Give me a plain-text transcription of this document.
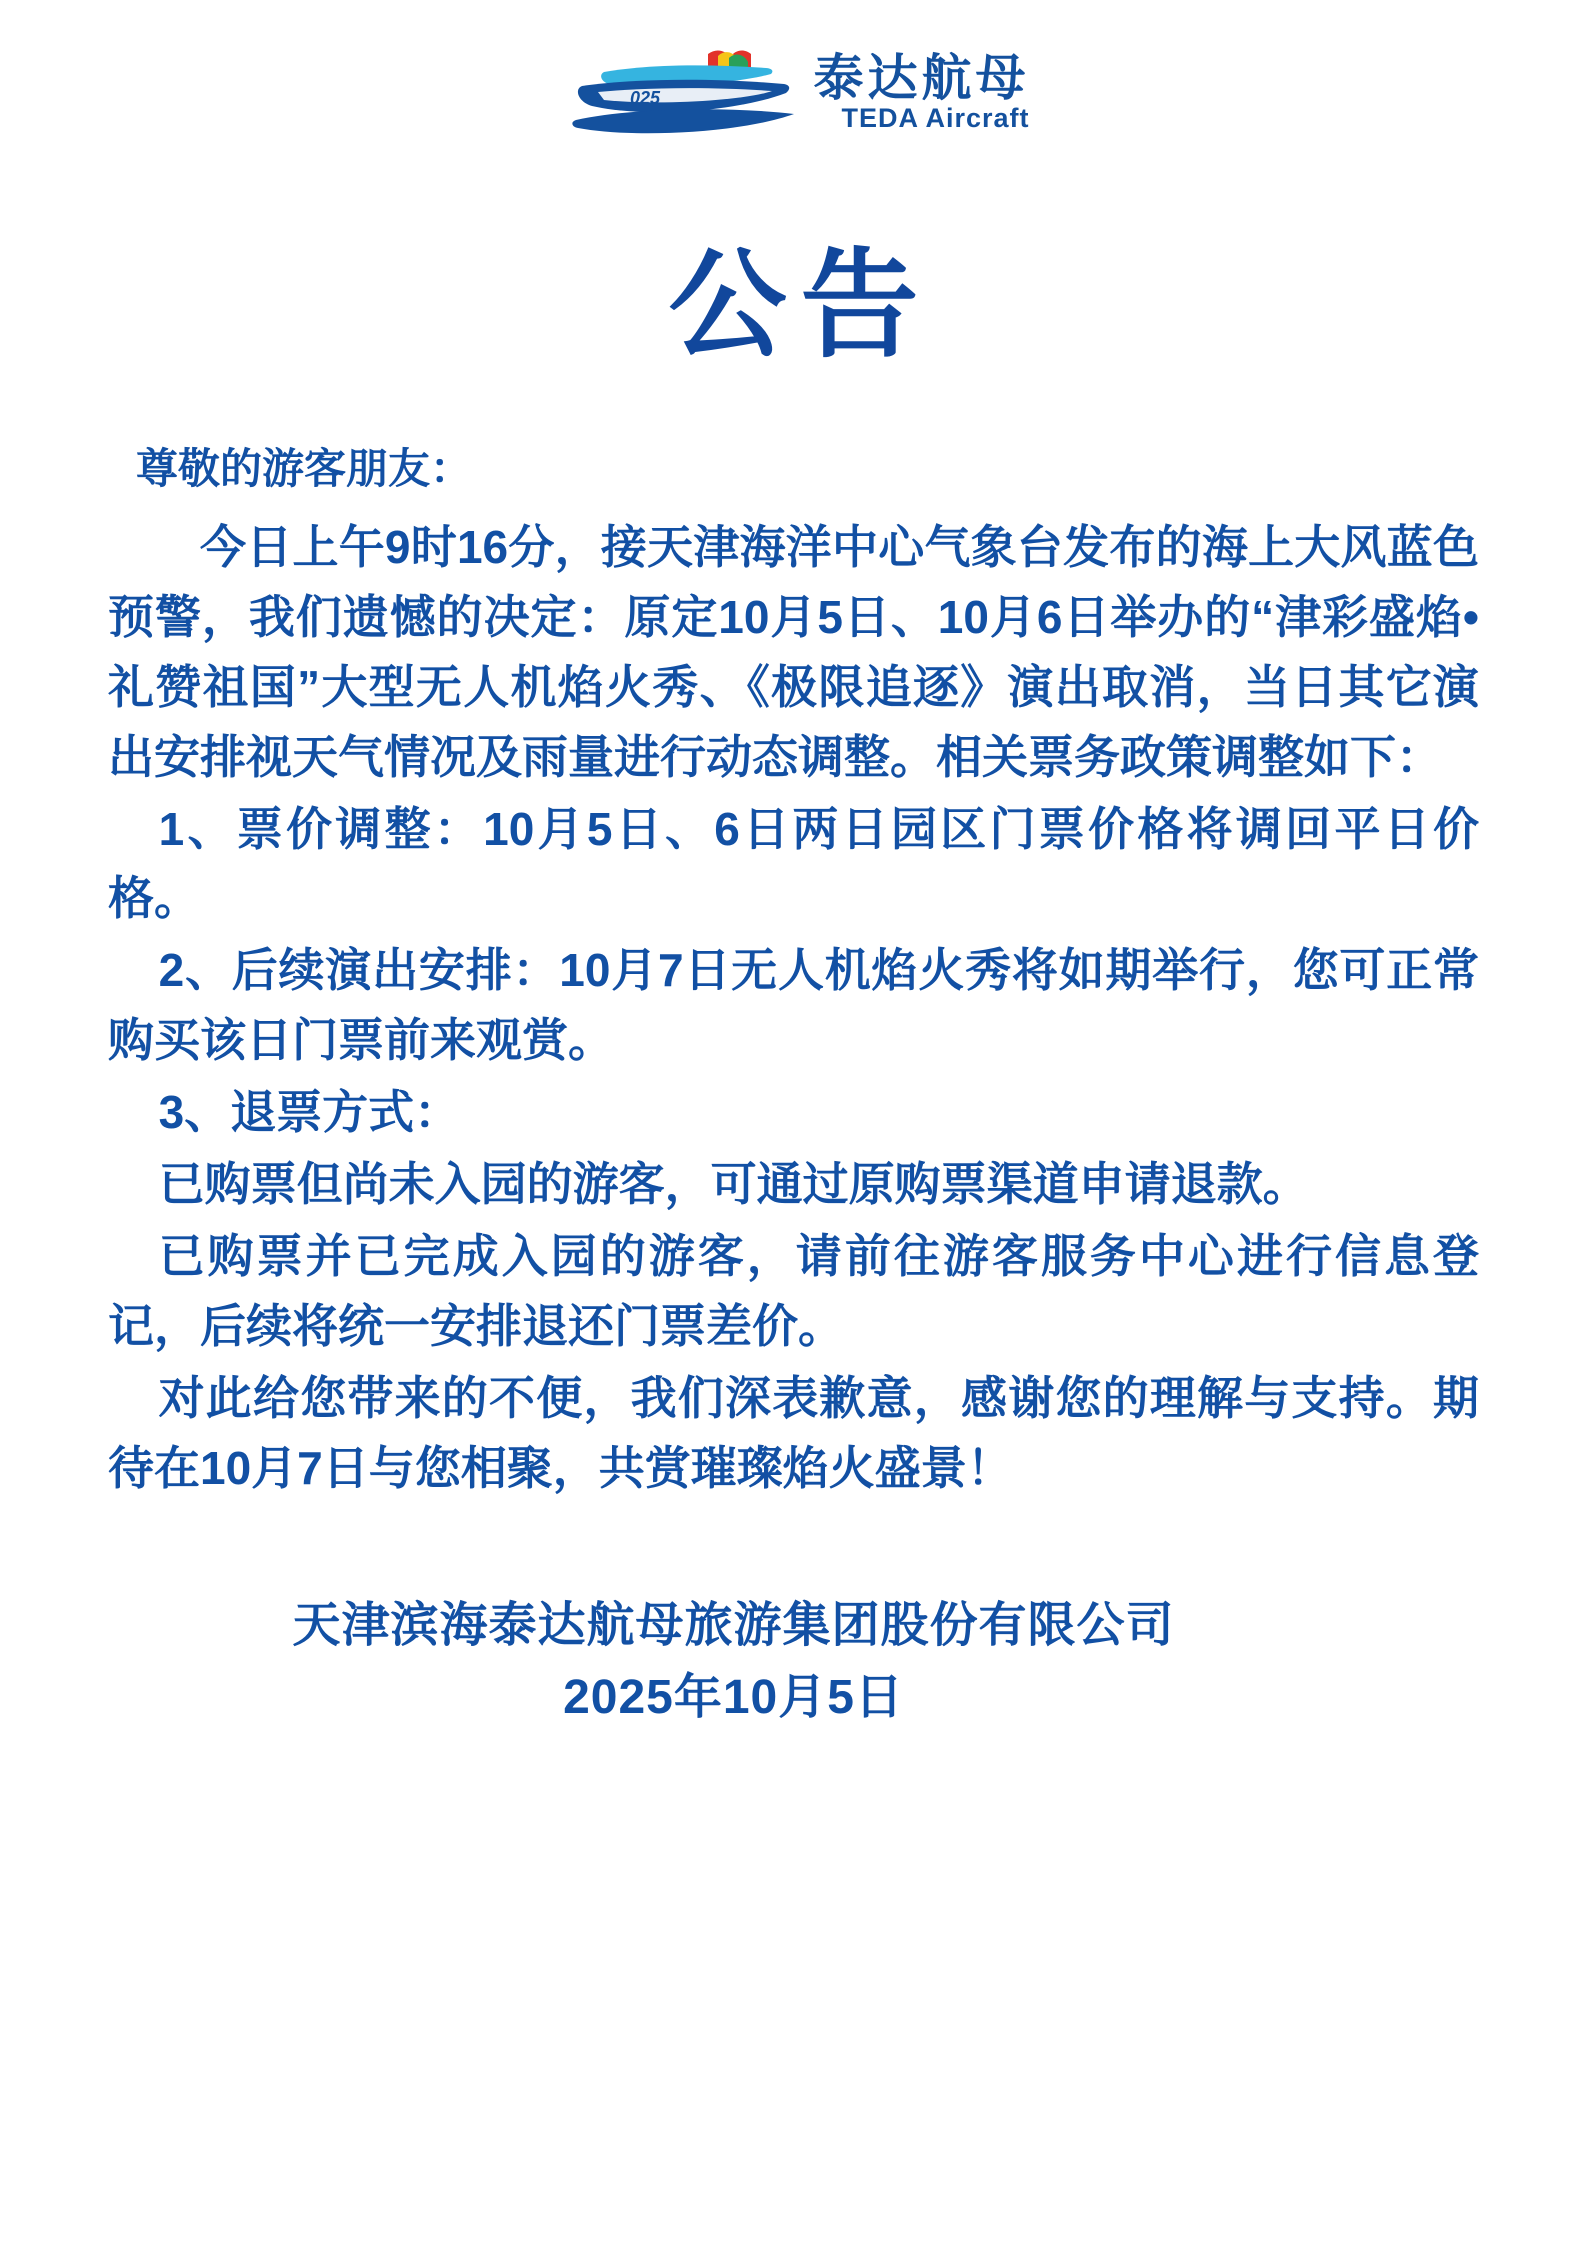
025	泰达航母
TEDA Aircraft
公告
尊敬的游客朋友：

今日上午9时16分，接天津海洋中心气象台发布的海上大风蓝色预警，我们遗憾的决定：原定10月5日、10月6日举办的“津彩盛焰•礼赞祖国”大型无人机焰火秀、《极限追逐》演出取消，当日其它演出安排视天气情况及雨量进行动态调整。相关票务政策调整如下：

1、票价调整：10月5日、6日两日园区门票价格将调回平日价格。

2、后续演出安排：10月7日无人机焰火秀将如期举行，您可正常购买该日门票前来观赏。

3、退票方式：

已购票但尚未入园的游客，可通过原购票渠道申请退款。

已购票并已完成入园的游客，请前往游客服务中心进行信息登记，后续将统一安排退还门票差价。

对此给您带来的不便，我们深表歉意，感谢您的理解与支持。期待在10月7日与您相聚，共赏璀璨焰火盛景！

天津滨海泰达航母旅游集团股份有限公司
2025年10月5日
